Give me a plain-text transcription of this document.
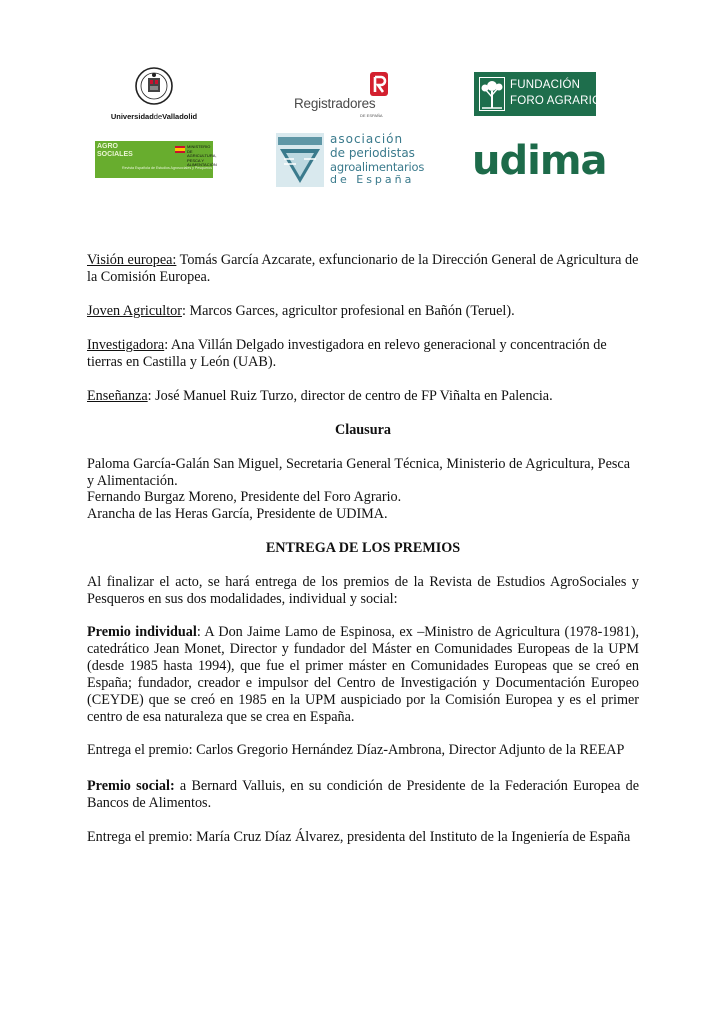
UniversidaddeValladolid
Registradores
DE ESPAÑA
FUNDACIÓN
FORO AGRARIO
AGRO SOCIALES
MINISTERIO DE AGRICULTURA, PESCA Y ALIMENTACIÓN
Revista Española de Estudios Agrosociales y Pesqueros
asociación
de periodistas
agroalimentarios
de España udima

Visión europea: Tomás García Azcarate, exfuncionario de la Dirección General de Agricultura de la Comisión Europea.

Joven Agricultor: Marcos Garces, agricultor profesional en Bañón (Teruel).

Investigadora: Ana Villán Delgado investigadora en relevo generacional y concentración de tierras en Castilla y León (UAB).

Enseñanza: José Manuel Ruiz Turzo, director de centro de FP Viñalta en Palencia.

Clausura

Paloma García-Galán San Miguel, Secretaria General Técnica, Ministerio de Agricultura, Pesca y Alimentación.

Fernando Burgaz Moreno, Presidente del Foro Agrario.

Arancha de las Heras García, Presidente de UDIMA.

ENTREGA DE LOS PREMIOS

Al finalizar el acto, se hará entrega de los premios de la Revista de Estudios AgroSociales y Pesqueros en sus dos modalidades, individual y social:

Premio individual: A Don Jaime Lamo de Espinosa, ex –Ministro de Agricultura (1978-1981), catedrático Jean Monet, Director y fundador del Máster en Comunidades Europeas de la UPM (desde 1985 hasta 1994), que fue el primer máster en Comunidades Europeas que se creó en España; fundador, creador e impulsor del Centro de Investigación y Documentación Europeo (CEYDE) que se creó en 1985 en la UPM auspiciado por la Comisión Europea y es el primer centro de esa naturaleza que se crea en España.

Entrega el premio: Carlos Gregorio Hernández Díaz-Ambrona, Director Adjunto de la REEAP

Premio social: a Bernard Valluis, en su condición de Presidente de la Federación Europea de Bancos de Alimentos.

Entrega el premio: María Cruz Díaz Álvarez, presidenta del Instituto de la Ingeniería de España
